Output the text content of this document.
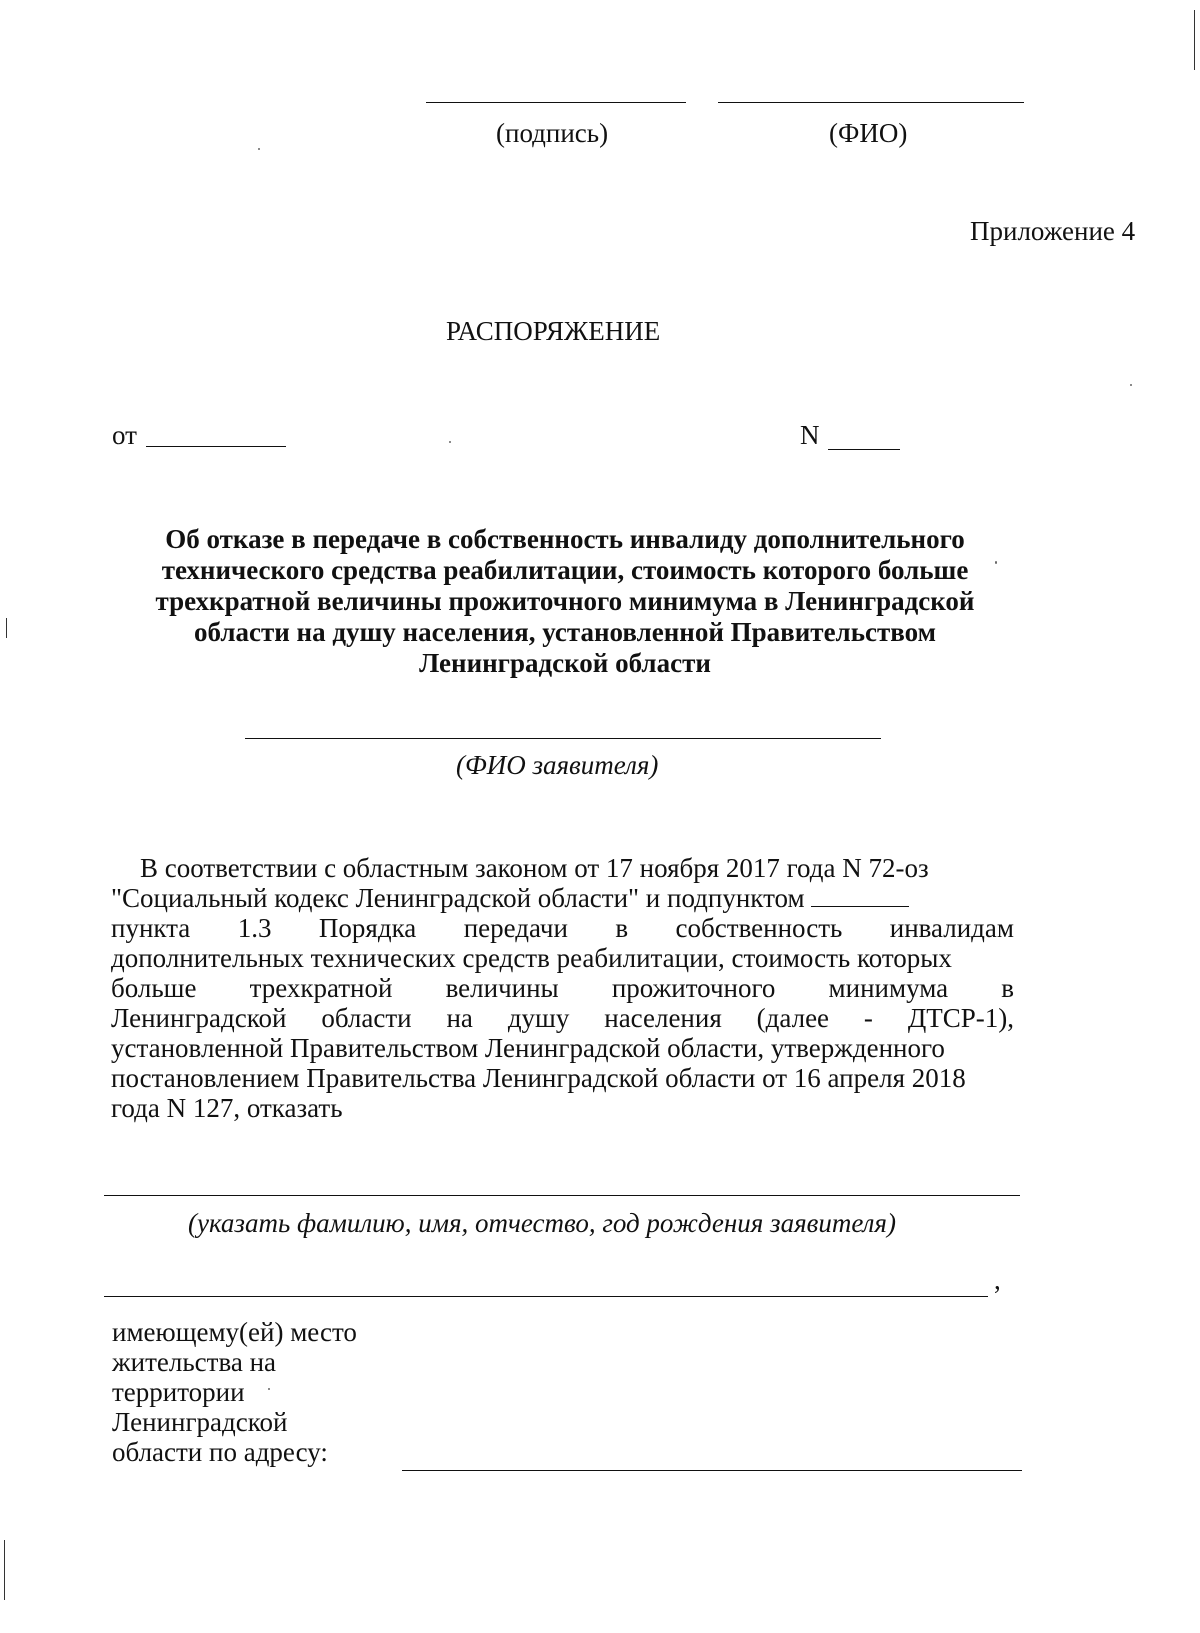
(подпись)	(ФИО)
Приложение 4
РАСПОРЯЖЕНИЕ
от	N
Об отказе в передаче в собственность инвалиду дополнительного
технического средства реабилитации, стоимость которого больше
трехкратной величины прожиточного минимума в Ленинградской
области на душу населения, установленной Правительством
Ленинградской области
(ФИО заявителя)
В соответствии с областным законом от 17 ноября 2017 года N 72-оз
"Социальный кодекс Ленинградской области" и подпунктом
пункта 1.3 Порядка передачи в собственность инвалидам
дополнительных технических средств реабилитации, стоимость которых
больше трехкратной величины прожиточного минимума в
Ленинградской области на душу населения (далее - ДТСР-1),
установленной Правительством Ленинградской области, утвержденного
постановлением Правительства Ленинградской области от 16 апреля 2018
года N 127, отказать
(указать фамилию, имя, отчество, год рождения заявителя)
,
имеющему(ей) место
жительства на
территории
Ленинградской
области по адресу:
